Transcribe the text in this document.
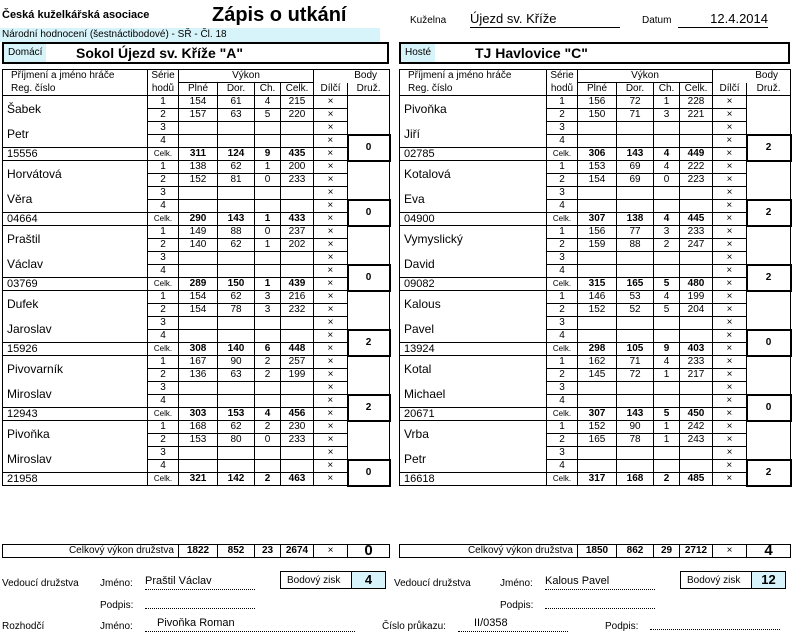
Česká kuželkářská asociace	Zápis o utkání
Národní hodnocení (šestnáctibodové) - SŘ - Čl. 18
Kuželna Újezd sv. Kříže	Datum	12.4.2014
Domácí Sokol Újezd sv. Kříže "A"	Hosté	TJ Havlovice "C"
Příjmení a jméno hráče	Série	Výkon				Body	
Reg. číslo	hodů	Plné	Dor.	Ch.	Celk.	Dílčí	Druž.
Šabek	1	154	61	4	215	×	
	2	157	63	5	220	×	
Petr	3					×	
	4					×	0
15556	Celk.	311	124	9	435	×	
Horvátová	1	138	62	1	200	×	
	2	152	81	0	233	×	
Věra	3					×	
	4					×	0
04664	Celk.	290	143	1	433	×	
Praštil	1	149	88	0	237	×	
	2	140	62	1	202	×	
Václav	3					×	
	4					×	0
03769	Celk.	289	150	1	439	×	
Dufek	1	154	62	3	216	×	
	2	154	78	3	232	×	
Jaroslav	3					×	
	4					×	2
15926	Celk.	308	140	6	448	×	
Pivovarník	1	167	90	2	257	×	
	2	136	63	2	199	×	
Miroslav	3					×	
	4					×	2
12943	Celk.	303	153	4	456	×	
Pivoňka	1	168	62	2	230	×	
	2	153	80	0	233	×	
Miroslav	3					×	
	4					×	0
21958	Celk.	321	142	2	463	×	
Příjmení a jméno hráče	Série	Výkon				Body	
Reg. číslo	hodů	Plné	Dor.	Ch.	Celk.	Dílčí	Druž.
Pivoňka	1	156	72	1	228	×	
	2	150	71	3	221	×	
Jiří	3					×	
	4					×	2
02785	Celk.	306	143	4	449	×	
Kotalová	1	153	69	4	222	×	
	2	154	69	0	223	×	
Eva	3					×	
	4					×	2
04900	Celk.	307	138	4	445	×	
Vymyslický	1	156	77	3	233	×	
	2	159	88	2	247	×	
David	3					×	
	4					×	2
09082	Celk.	315	165	5	480	×	
Kalous	1	146	53	4	199	×	
	2	152	52	5	204	×	
Pavel	3					×	
	4					×	0
13924	Celk.	298	105	9	403	×	
Kotal	1	162	71	4	233	×	
	2	145	72	1	217	×	
Michael	3					×	
	4					×	0
20671	Celk.	307	143	5	450	×	
Vrba	1	152	90	1	242	×	
	2	165	78	1	243	×	
Petr	3					×	
	4					×	2
16618	Celk.	317	168	2	485	×	
Celkový výkon družstva	1822	852	23	2674	×	0	Celkový výkon družstva	1850	862	29	2712	×	4
Vedoucí družstva Jméno: Praštil Václav	Bodový zisk	4
Podpis:
Vedoucí družstva	Jméno: Kalous Pavel	Bodový zisk	12
Podpis:
Rozhodčí	Jméno:	Pivoňka Roman	Číslo průkazu:	II/0358	Podpis:
